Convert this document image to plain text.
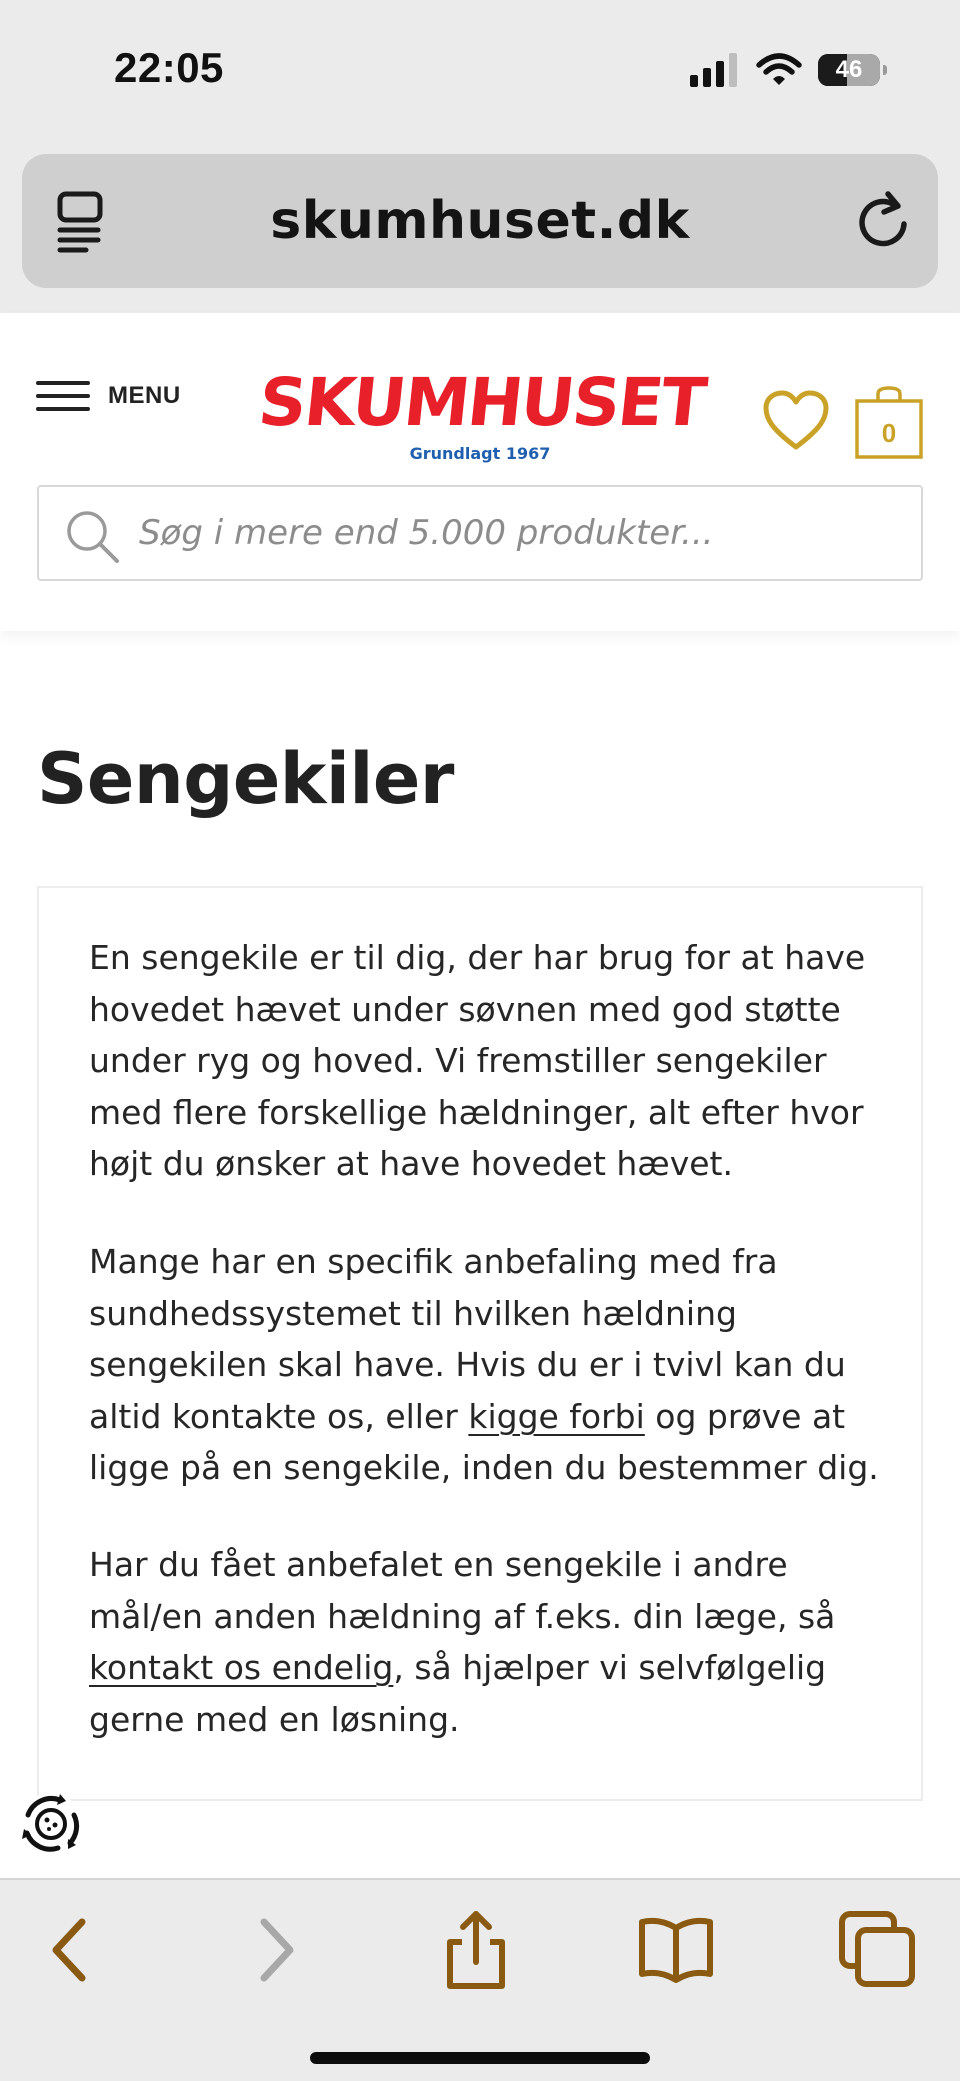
22:05	46
skumhuset.dk
MENU SKUMHUSET
Grundlagt 1967
0
Søg i mere end 5.000 produkter...
Sengekiler

En sengekile er til dig, der har brug for at have hovedet hævet under søvnen med god støtte under ryg og hoved. Vi fremstiller sengekiler med flere forskellige hældninger, alt efter hvor højt du ønsker at have hovedet hævet.

Mange har en specifik anbefaling med fra sundhedssystemet til hvilken hældning sengekilen skal have. Hvis du er i tvivl kan du altid kontakte os, eller kigge forbi og prøve at ligge på en sengekile, inden du bestemmer dig.

Har du fået anbefalet en sengekile i andre mål/en anden hældning af f.eks. din læge, så kontakt os endelig, så hjælper vi selvfølgelig gerne med en løsning.
